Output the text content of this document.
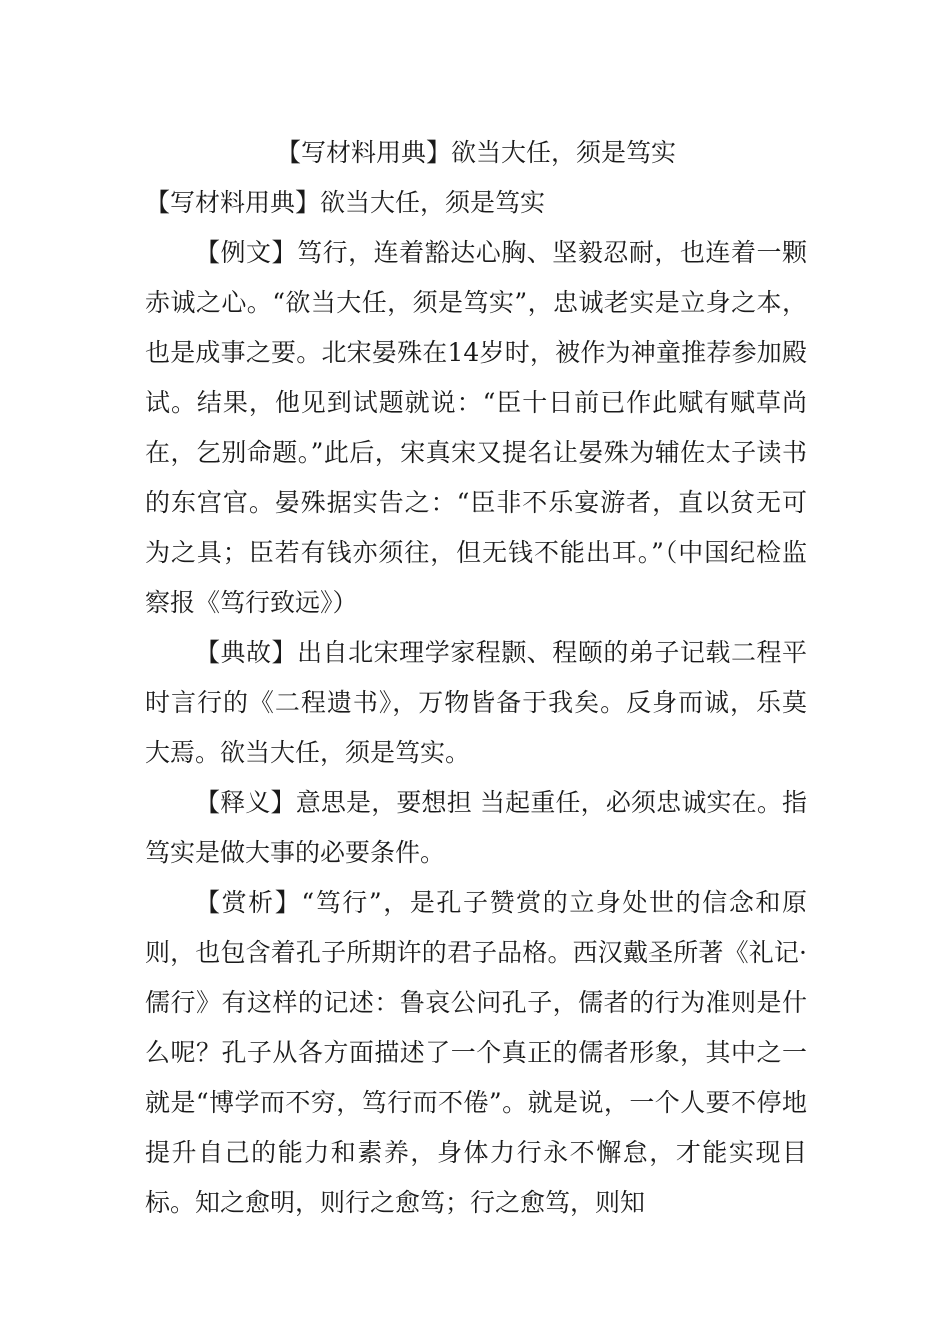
【写材料用典】欲当大任，须是笃实

【写材料用典】欲当大任，须是笃实

【例文】笃行，连着豁达心胸、坚毅忍耐，也连着一颗赤诚之心。“欲当大任，须是笃实”，忠诚老实是立身之本，也是成事之要。北宋晏殊在14岁时，被作为神童推荐参加殿试。结果，他见到试题就说：“臣十日前已作此赋有赋草尚在，乞别命题。”此后，宋真宋又提名让晏殊为辅佐太子读书的东宫官。晏殊据实告之：“臣非不乐宴游者，直以贫无可为之具；臣若有钱亦须往，但无钱不能出耳。”（中国纪检监察报《笃行致远》）

【典故】出自北宋理学家程颢、程颐的弟子记载二程平时言行的《二程遗书》，万物皆备于我矣。反身而诚，乐莫 大焉。欲当大任，须是笃实。

【释义】意思是，要想担 当起重任，必须忠诚实在。指笃实是做大事的必要条件。

【赏析】“笃行”，是孔子赞赏的立身处世的信念和原则，也包含着孔子所期许的君子品格。西汉戴圣所著《礼记·儒行》有这样的记述：鲁哀公问孔子，儒者的行为准则是什么呢？孔子从各方面描述了一个真正的儒者形象，其中之一就是“博学而不穷，笃行而不倦”。就是说，一个人要不停地提升自己的能力和素养，身体力行永不懈怠，才能实现目标。知之愈明，则行之愈笃；行之愈笃，则知
